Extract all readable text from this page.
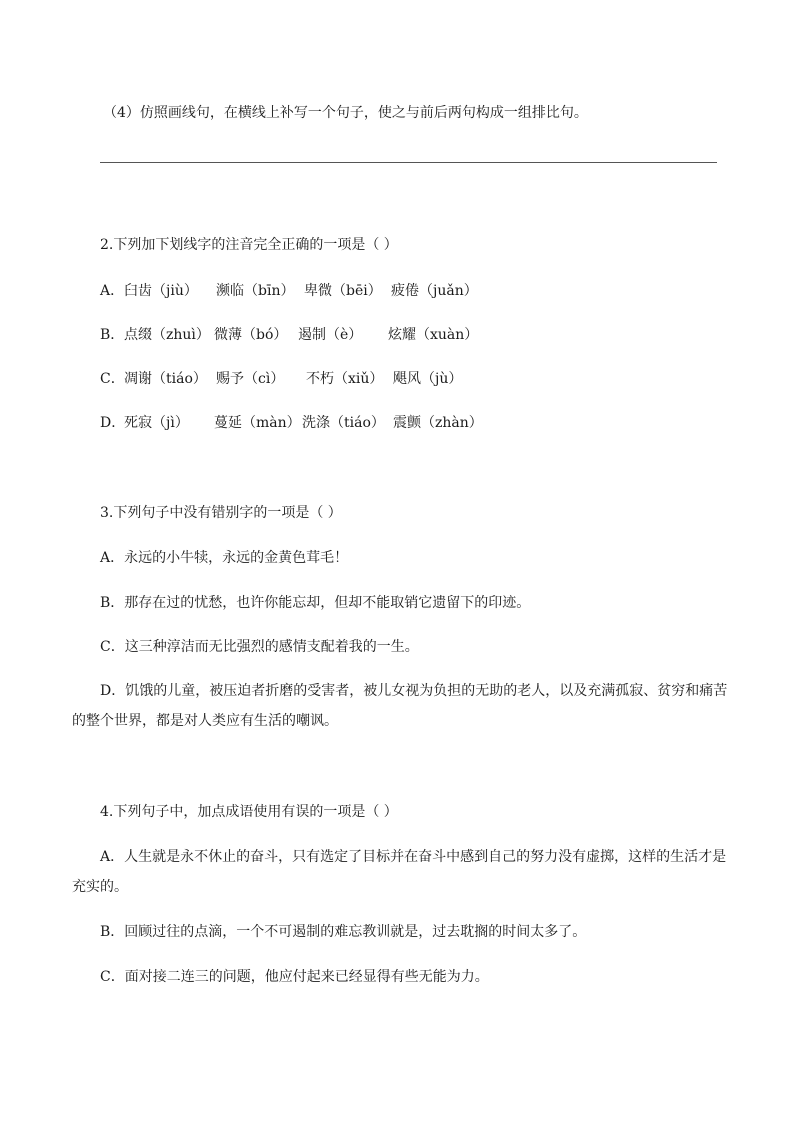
（4）仿照画线句，在横线上补写一个句子，使之与前后两句构成一组排比句。
2.下列加下划线字的注音完全正确的一项是（ ）
A． 臼齿（jiù） 濒临（bīn） 卑微（bēi） 疲倦（juǎn）
B． 点缀（zhuì） 微薄（bó） 遏制（è） 炫耀（xuàn）
C． 凋谢（tiáo） 赐予（cì） 不朽（xiǔ） 飓风（jù）
D．
死寂（jì） 蔓延（màn） 洗涤（tiáo） 震颤（zhàn）
3.下列句子中没有错别字的一项是（ ）
A．永远的小牛犊，永远的金黄色茸毛！
B．那存在过的忧愁，也许你能忘却，但却不能取销它遗留下的印迹。
C．这三种淳洁而无比强烈的感情支配着我的一生。
D．饥饿的儿童，被压迫者折磨的受害者，被儿女视为负担的无助的老人，以及充满孤寂、贫穷和痛苦的整个世界，都是对人类应有生活的嘲讽。
4.下列句子中，加点成语使用有误的一项是（ ）
A．人生就是永不休止的奋斗，只有选定了目标并在奋斗中感到自己的努力没有虚掷，这样的生活才是充实的。
B．回顾过往的点滴，一个不可遏制的难忘教训就是，过去耽搁的时间太多了。
C．面对接二连三的问题，他应付起来已经显得有些无能为力。
